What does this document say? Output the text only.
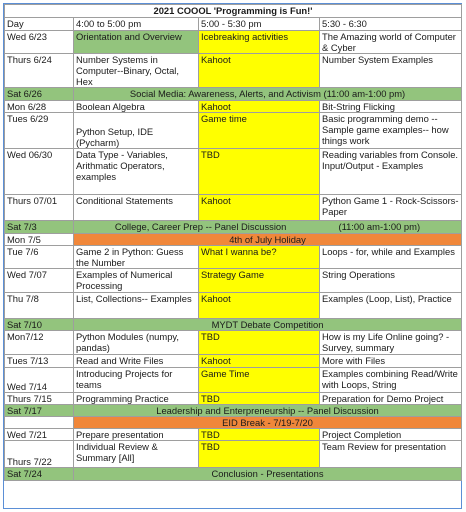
2021 COOOL 'Programming is Fun!'			
Day	4:00 to 5:00 pm	5:00 - 5:30 pm	5:30 - 6:30
Wed 6/23	Orientation and Overview	Icebreaking activities	The Amazing world of Computer & Cyber
Thurs 6/24	Number Systems in Computer--Binary, Octal, Hex	Kahoot	Number System Examples
Sat 6/26	Social Media: Awareness, Alerts, and Activism (11:00 am-1:00 pm)		
Mon 6/28	Boolean Algebra	Kahoot	Bit-String Flicking
Tues 6/29	Python Setup, IDE (Pycharm)	Game time	Basic programming demo -- Sample game examples-- how things work
Wed 06/30	Data Type - Variables, Arithmatic Operators, examples	TBD	Reading variables from Console. Input/Output - Examples
Thurs 07/01	Conditional Statements	Kahoot	Python Game 1 - Rock-Scissors-Paper
Sat 7/3	College, Career Prep -- Panel Discussion                    (11:00 am-1:00 pm)		
Mon 7/5	4th of July Holiday		
Tue 7/6	Game 2 in Python: Guess the Number	What I wanna be?	Loops - for, while and Examples
Wed 7/07	Examples of Numerical Processing	Strategy Game	String Operations
Thu 7/8	List, Collections-- Examples	Kahoot	Examples (Loop, List), Practice
Sat 7/10	MYDT Debate Competition		
Mon7/12	Python Modules (numpy, pandas)	TBD	How is my Life Online going? - Survey, summary
Tues 7/13	Read and Write Files	Kahoot	More with Files
Wed 7/14	Introducing Projects for teams	Game Time	Examples combining Read/Write with Loops, String
Thurs 7/15	Programming Practice	TBD	Preparation for Demo Project
Sat 7/17	Leadership and Enterpreneurship -- Panel Discussion		
	EID Break - 7/19-7/20		
Wed 7/21	Prepare presentation	TBD	Project Completion
Thurs 7/22	Individual Review & Summary [All]	TBD	Team Review for presentation
Sat 7/24	Conclusion - Presentations		
